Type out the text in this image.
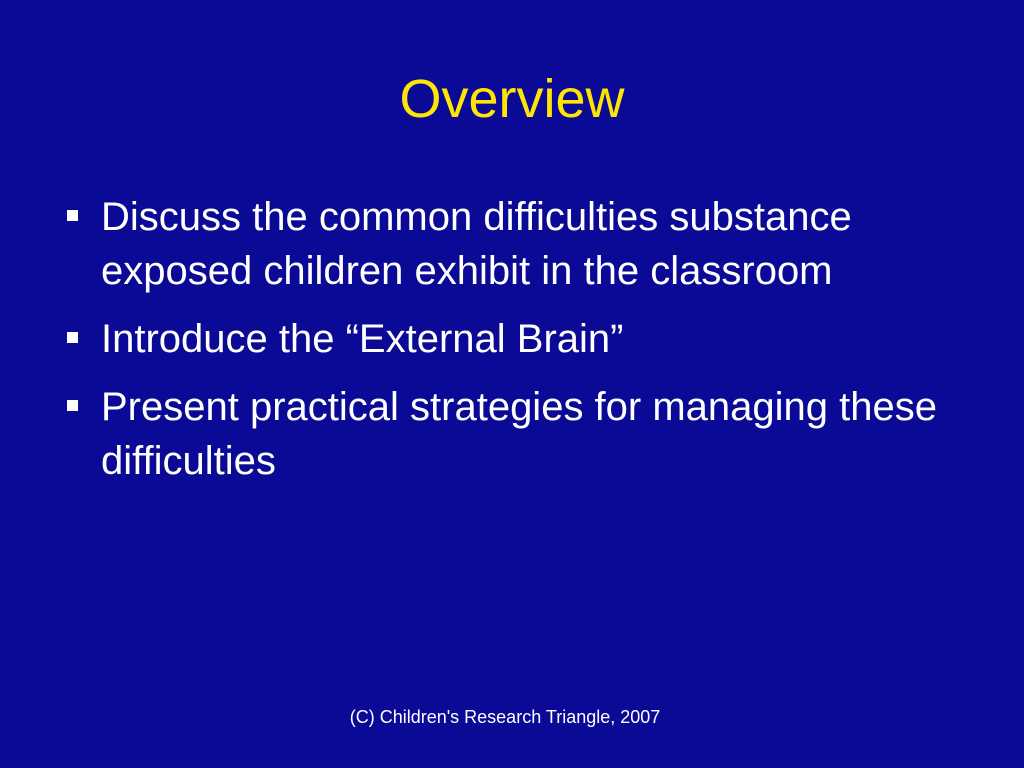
Overview
Discuss the common difficulties substance exposed children exhibit in the classroom
Introduce the “External Brain”
Present practical strategies for managing these difficulties
(C) Children's Research Triangle, 2007
